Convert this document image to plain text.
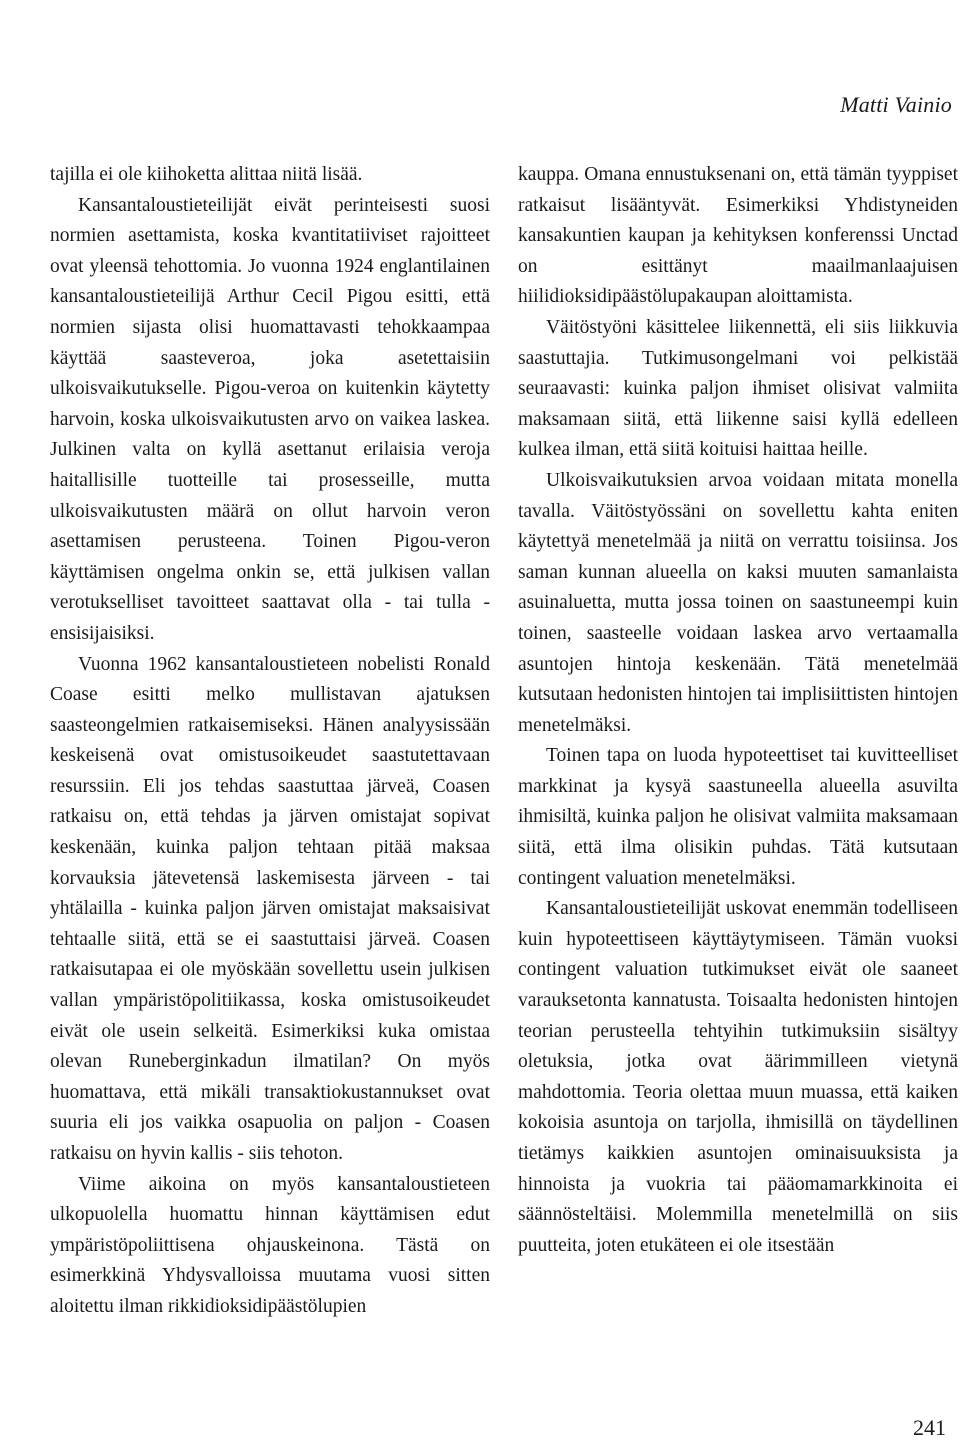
Matti Vainio

tajilla ei ole kiihoketta alittaa niitä lisää.

Kansantaloustieteilijät eivät perinteisesti suosi normien asettamista, koska kvantitatiiviset rajoitteet ovat yleensä tehottomia. Jo vuonna 1924 englantilainen kansantaloustieteilijä Arthur Cecil Pigou esitti, että normien sijasta olisi huomattavasti tehokkaampaa käyttää saasteveroa, joka asetettaisiin ulkoisvaikutukselle. Pigou-veroa on kuitenkin käytetty harvoin, koska ulkoisvaikutusten arvo on vaikea laskea. Julkinen valta on kyllä asettanut erilaisia veroja haitallisille tuotteille tai prosesseille, mutta ulkoisvaikutusten määrä on ollut harvoin veron asettamisen perusteena. Toinen Pigou-veron käyttämisen ongelma onkin se, että julkisen vallan verotukselliset tavoitteet saattavat olla - tai tulla - ensisijaisiksi.

Vuonna 1962 kansantaloustieteen nobelisti Ronald Coase esitti melko mullistavan ajatuksen saasteongelmien ratkaisemiseksi. Hänen analyysissään keskeisenä ovat omistusoikeudet saastutettavaan resurssiin. Eli jos tehdas saastuttaa järveä, Coasen ratkaisu on, että tehdas ja järven omistajat sopivat keskenään, kuinka paljon tehtaan pitää maksaa korvauksia jätevetensä laskemisesta järveen - tai yhtälailla - kuinka paljon järven omistajat maksaisivat tehtaalle siitä, että se ei saastuttaisi järveä. Coasen ratkaisutapaa ei ole myöskään sovellettu usein julkisen vallan ympäristöpolitiikassa, koska omistusoikeudet eivät ole usein selkeitä. Esimerkiksi kuka omistaa olevan Runeberginkadun ilmatilan? On myös huomattava, että mikäli transaktiokustannukset ovat suuria eli jos vaikka osapuolia on paljon - Coasen ratkaisu on hyvin kallis - siis tehoton.

Viime aikoina on myös kansantaloustieteen ulkopuolella huomattu hinnan käyttämisen edut ympäristöpoliittisena ohjauskeinona. Tästä on esimerkkinä Yhdysvalloissa muutama vuosi sitten aloitettu ilman rikkidioksidipäästölupien

kauppa. Omana ennustuksenani on, että tämän tyyppiset ratkaisut lisääntyvät. Esimerkiksi Yhdistyneiden kansakuntien kaupan ja kehityksen konferenssi Unctad on esittänyt maailmanlaajuisen hiilidioksidipäästölupakaupan aloittamista.

Väitöstyöni käsittelee liikennettä, eli siis liikkuvia saastuttajia. Tutkimusongelmani voi pelkistää seuraavasti: kuinka paljon ihmiset olisivat valmiita maksamaan siitä, että liikenne saisi kyllä edelleen kulkea ilman, että siitä koituisi haittaa heille.

Ulkoisvaikutuksien arvoa voidaan mitata monella tavalla. Väitöstyössäni on sovellettu kahta eniten käytettyä menetelmää ja niitä on verrattu toisiinsa. Jos saman kunnan alueella on kaksi muuten samanlaista asuinaluetta, mutta jossa toinen on saastuneempi kuin toinen, saasteelle voidaan laskea arvo vertaamalla asuntojen hintoja keskenään. Tätä menetelmää kutsutaan hedonisten hintojen tai implisiittisten hintojen menetelmäksi.

Toinen tapa on luoda hypoteettiset tai kuvitteelliset markkinat ja kysyä saastuneella alueella asuvilta ihmisiltä, kuinka paljon he olisivat valmiita maksamaan siitä, että ilma olisikin puhdas. Tätä kutsutaan contingent valuation menetelmäksi.

Kansantaloustieteilijät uskovat enemmän todelliseen kuin hypoteettiseen käyttäytymiseen. Tämän vuoksi contingent valuation tutkimukset eivät ole saaneet varauksetonta kannatusta. Toisaalta hedonisten hintojen teorian perusteella tehtyihin tutkimuksiin sisältyy oletuksia, jotka ovat äärimmilleen vietynä mahdottomia. Teoria olettaa muun muassa, että kaiken kokoisia asuntoja on tarjolla, ihmisillä on täydellinen tietämys kaikkien asuntojen ominaisuuksista ja hinnoista ja vuokria tai pääomamarkkinoita ei säännösteltäisi. Molemmilla menetelmillä on siis puutteita, joten etukäteen ei ole itsestään

241
